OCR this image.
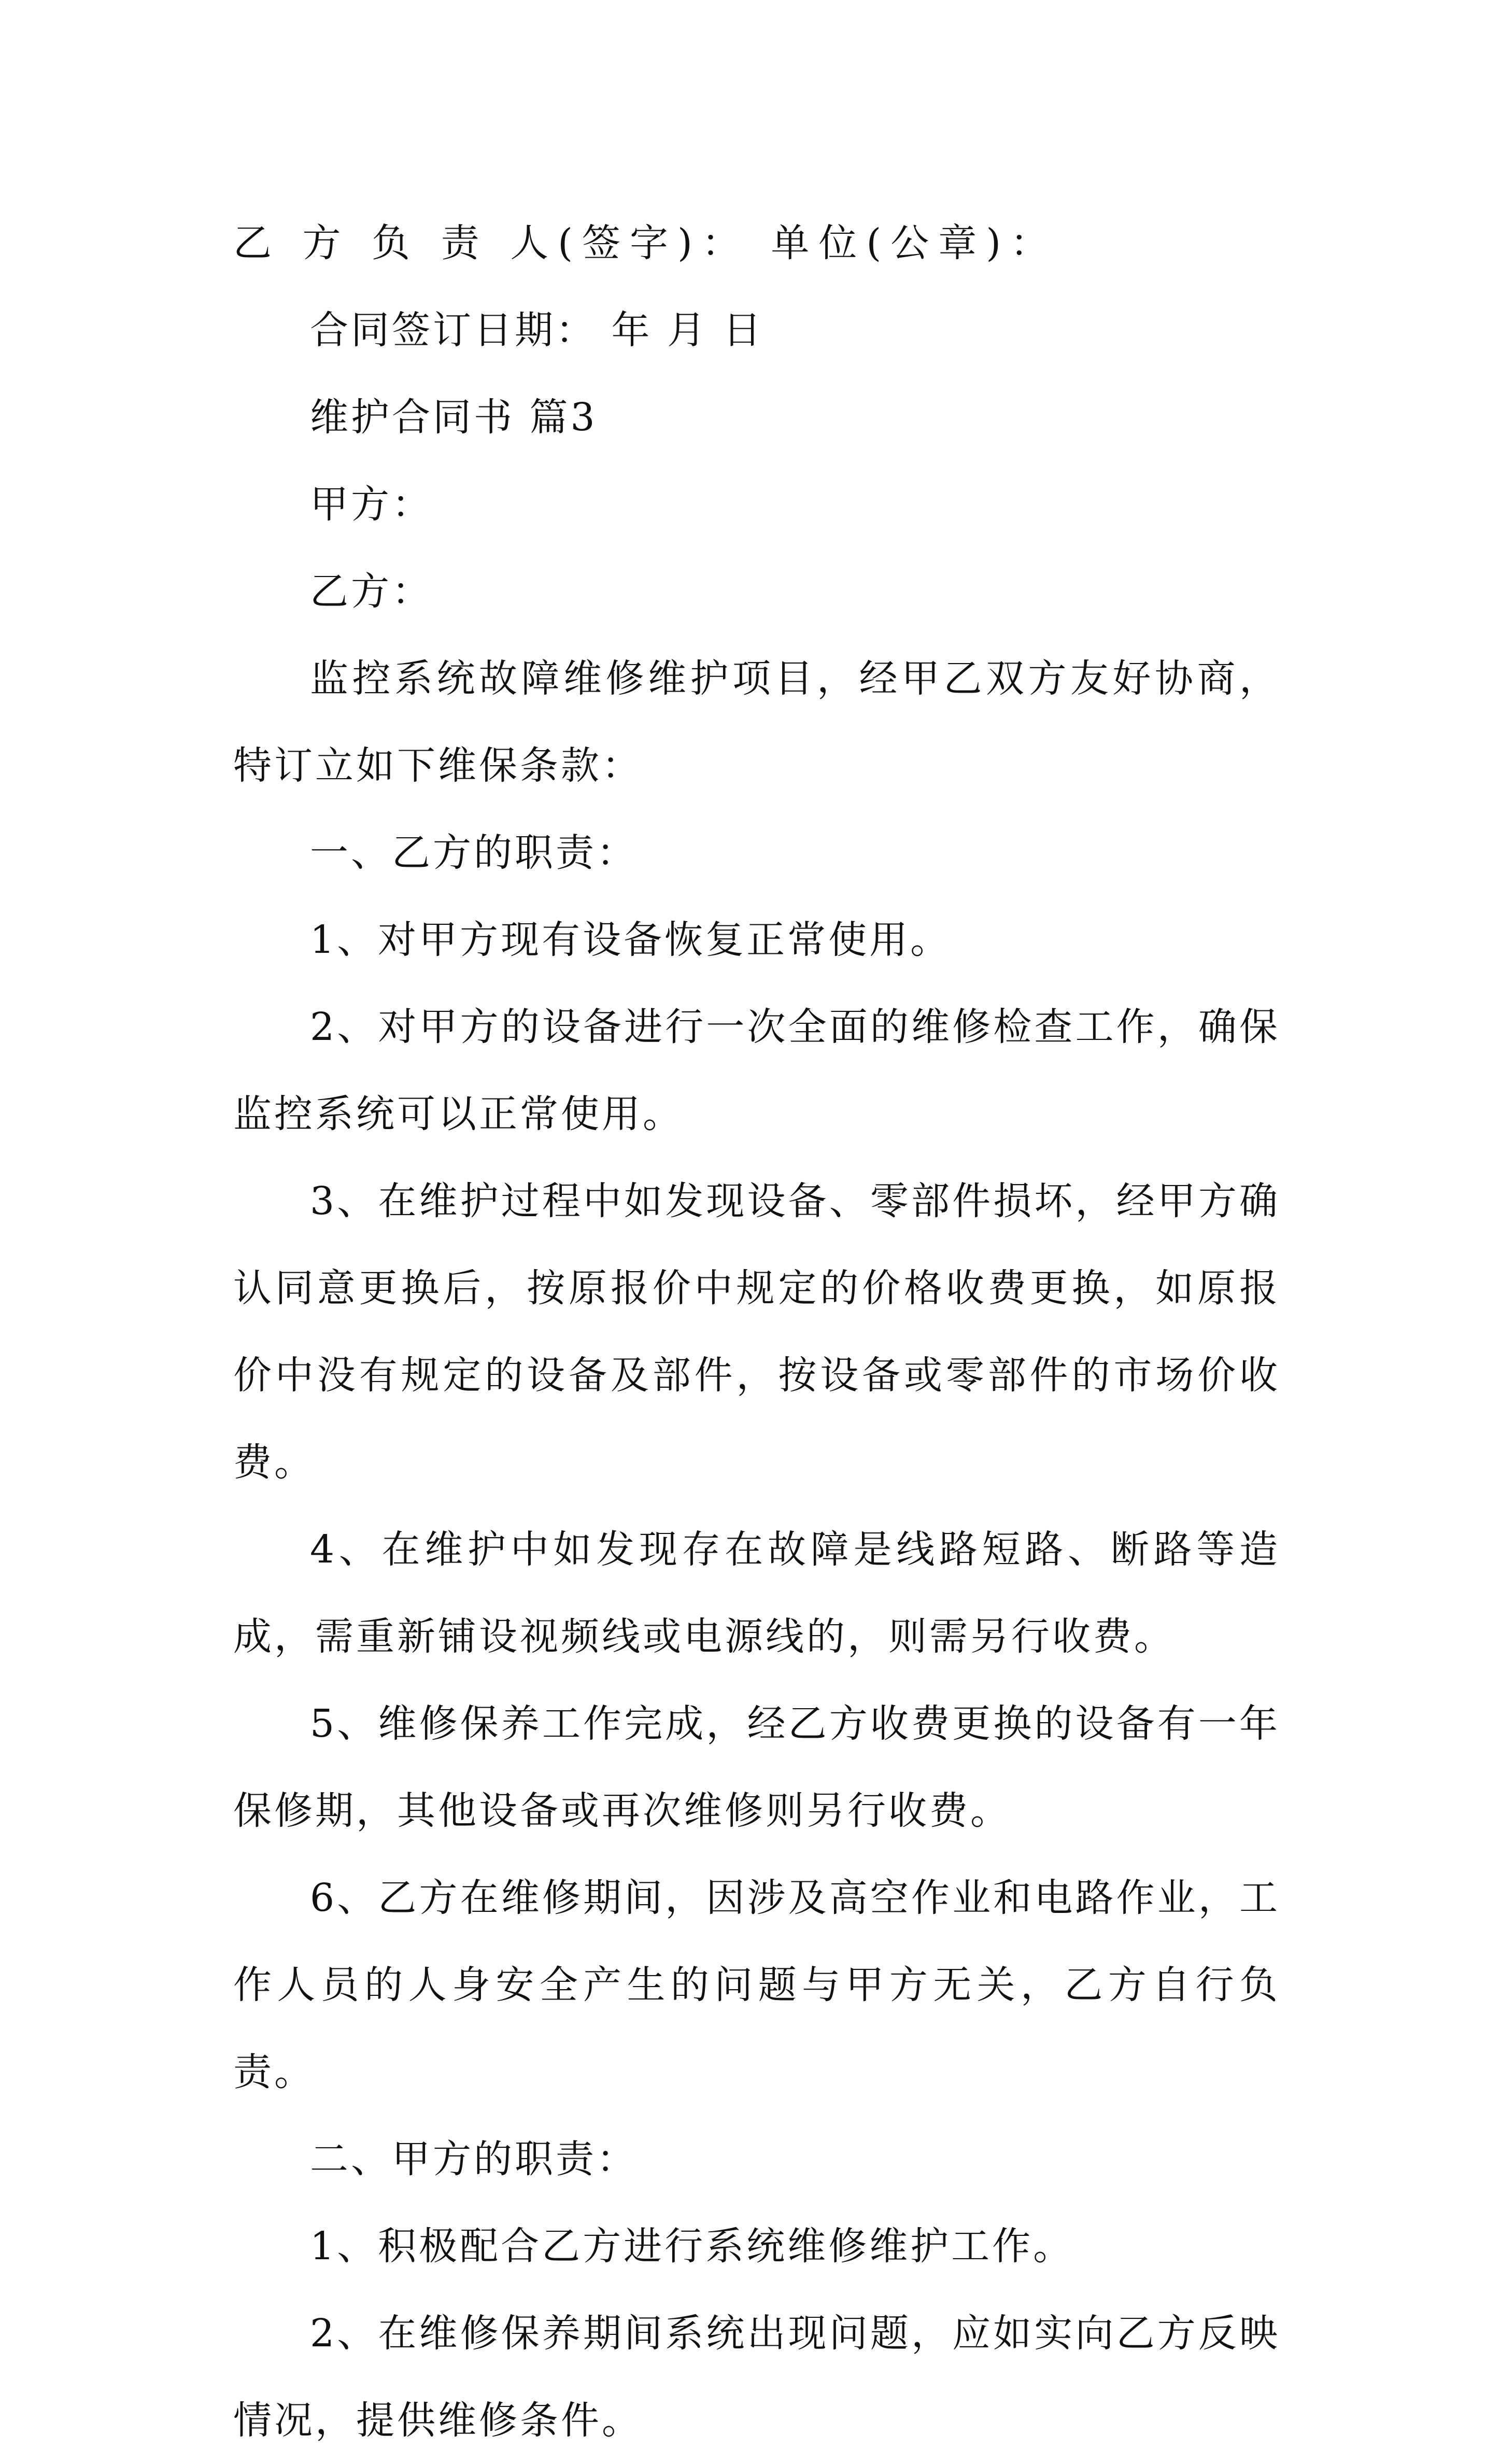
乙 方 负 责 人(签字)： 单位(公章)：

合同签订日期： 年 月 日

维护合同书 篇3

甲方：

乙方：

监控系统故障维修维护项目，经甲乙双方友好协商，特订立如下维保条款：

一、乙方的职责：

1、对甲方现有设备恢复正常使用。

2、对甲方的设备进行一次全面的维修检查工作，确保监控系统可以正常使用。

3、在维护过程中如发现设备、零部件损坏，经甲方确认同意更换后，按原报价中规定的价格收费更换，如原报价中没有规定的设备及部件，按设备或零部件的市场价收费。

4、在维护中如发现存在故障是线路短路、断路等造成，需重新铺设视频线或电源线的，则需另行收费。

5、维修保养工作完成，经乙方收费更换的设备有一年保修期，其他设备或再次维修则另行收费。

6、乙方在维修期间，因涉及高空作业和电路作业，工作人员的人身安全产生的问题与甲方无关，乙方自行负责。

二、甲方的职责：

1、积极配合乙方进行系统维修维护工作。

2、在维修保养期间系统出现问题，应如实向乙方反映情况，提供维修条件。
